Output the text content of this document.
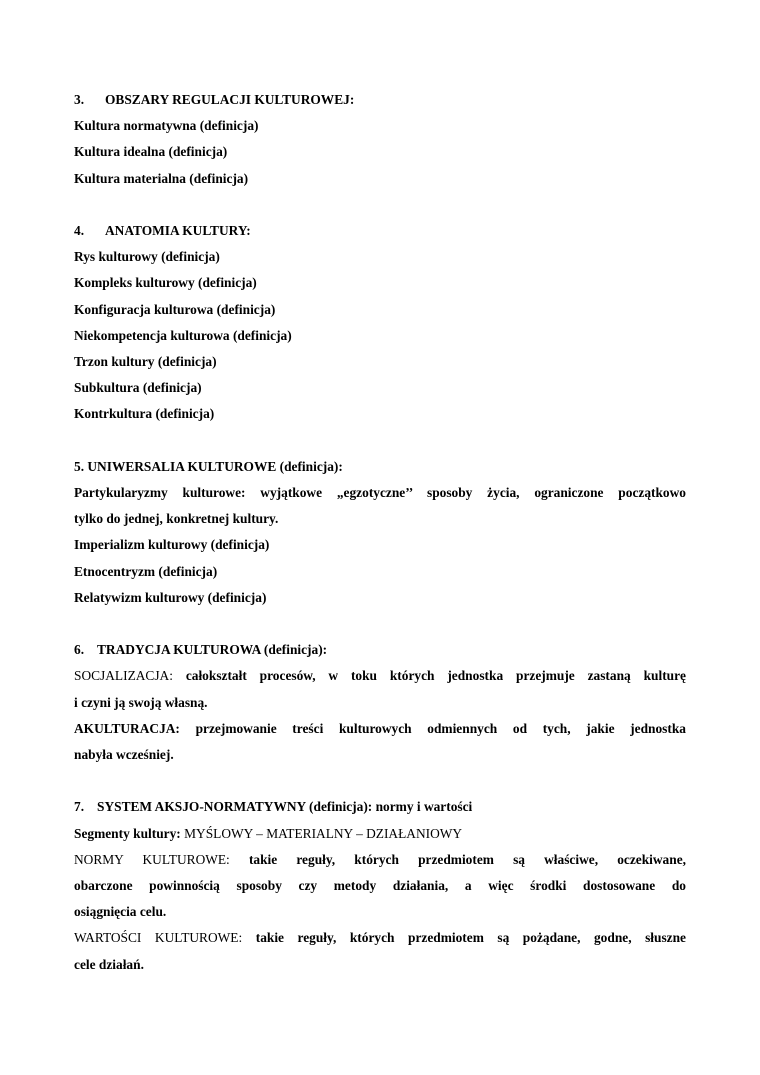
3. OBSZARY REGULACJI KULTUROWEJ:

Kultura normatywna (definicja)

Kultura idealna (definicja)

Kultura materialna (definicja)

4. ANATOMIA KULTURY:

Rys kulturowy (definicja)

Kompleks kulturowy (definicja)

Konfiguracja kulturowa (definicja)

Niekompetencja kulturowa (definicja)

Trzon kultury (definicja)

Subkultura (definicja)

Kontrkultura (definicja)

5. UNIWERSALIA KULTUROWE (definicja):

Partykularyzmy kulturowe: wyjątkowe „egzotyczne’’ sposoby życia, ograniczone początkowo

tylko do jednej, konkretnej kultury.

Imperializm kulturowy (definicja)

Etnocentryzm (definicja)

Relatywizm kulturowy (definicja)

6. TRADYCJA KULTUROWA (definicja):

SOCJALIZACJA: całokształt procesów, w toku których jednostka przejmuje zastaną kulturę

i czyni ją swoją własną.

AKULTURACJA: przejmowanie treści kulturowych odmiennych od tych, jakie jednostka

nabyła wcześniej.

7. SYSTEM AKSJO-NORMATYWNY (definicja): normy i wartości

Segmenty kultury: MYŚLOWY – MATERIALNY – DZIAŁANIOWY

NORMY KULTUROWE: takie reguły, których przedmiotem są właściwe, oczekiwane,

obarczone powinnością sposoby czy metody działania, a więc środki dostosowane do

osiągnięcia celu.

WARTOŚCI KULTUROWE: takie reguły, których przedmiotem są pożądane, godne, słuszne

cele działań.
